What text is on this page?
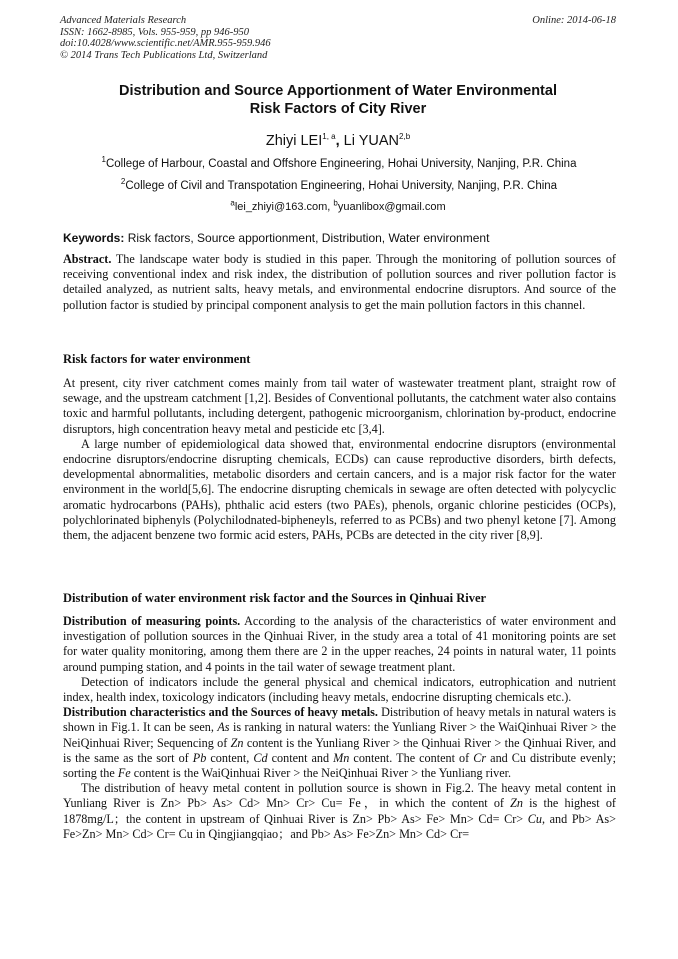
Advanced Materials Research
ISSN: 1662-8985, Vols. 955-959, pp 946-950
doi:10.4028/www.scientific.net/AMR.955-959.946
© 2014 Trans Tech Publications Ltd, Switzerland
Online: 2014-06-18
Distribution and Source Apportionment of Water Environmental
Risk Factors of City River
Zhiyi LEI$^{1, a}$, Li YUAN$^{2,b}$
$^1$College of Harbour, Coastal and Offshore Engineering, Hohai University, Nanjing, P.R. China
$^2$College of Civil and Transpotation Engineering, Hohai University, Nanjing, P.R. China
$^a$lei_zhiyi@163.com, $^b$yuanlibox@gmail.com
Keywords: Risk factors, Source apportionment, Distribution, Water environment

Abstract. The landscape water body is studied in this paper. Through the monitoring of pollution sources of receiving conventional index and risk index, the distribution of pollution sources and river pollution factor is detailed analyzed, as nutrient salts, heavy metals, and environmental endocrine disruptors. And source of the pollution factor is studied by principal component analysis to get the main pollution factors in this channel.

Risk factors for water environment

At present, city river catchment comes mainly from tail water of wastewater treatment plant, straight row of sewage, and the upstream catchment [1,2]. Besides of Conventional pollutants, the catchment water also contains toxic and harmful pollutants, including detergent, pathogenic microorganism, chlorination by-product, endocrine disruptors, high concentration heavy metal and pesticide etc [3,4].

A large number of epidemiological data showed that, environmental endocrine disruptors (environmental endocrine disruptors/endocrine disrupting chemicals, ECDs) can cause reproductive disorders, birth defects, developmental abnormalities, metabolic disorders and certain cancers, and is a major risk factor for the water environment in the world[5,6]. The endocrine disrupting chemicals in sewage are often detected with polycyclic aromatic hydrocarbons (PAHs), phthalic acid esters (two PAEs), phenols, organic chlorine pesticides (OCPs), polychlorinated biphenyls (Polychilodnated-bipheneyls, referred to as PCBs) and two phenyl ketone [7]. Among them, the adjacent benzene two formic acid esters, PAHs, PCBs are detected in the city river [8,9].

Distribution of water environment risk factor and the Sources in Qinhuai River

Distribution of measuring points. According to the analysis of the characteristics of water environment and investigation of pollution sources in the Qinhuai River, in the study area a total of 41 monitoring points are set for water quality monitoring, among them there are 2 in the upper reaches, 24 points in natural water, 11 points around pumping station, and 4 points in the tail water of sewage treatment plant.

Detection of indicators include the general physical and chemical indicators, eutrophication and nutrient index, health index, toxicology indicators (including heavy metals, endocrine disrupting chemicals etc.).

Distribution characteristics and the Sources of heavy metals. Distribution of heavy metals in natural waters is shown in Fig.1. It can be seen, As is ranking in natural waters: the Yunliang River > the WaiQinhuai River > the NeiQinhuai River; Sequencing of Zn content is the Yunliang River > the Qinhuai River > the Qinhuai River, and is the same as the sort of Pb content, Cd content and Mn content. The content of Cr and Cu distribute evenly; sorting the Fe content is the WaiQinhuai River > the NeiQinhuai River > the Yunliang river.

The distribution of heavy metal content in pollution source is shown in Fig.2. The heavy metal content in Yunliang River is Zn> Pb> As> Cd> Mn> Cr> Cu= Fe，in which the content of Zn is the highest of 1878mg/L；the content in upstream of Qinhuai River is Zn> Pb> As> Fe> Mn> Cd= Cr> Cu, and Pb> As> Fe>Zn> Mn> Cd> Cr= Cu in Qingjiangqiao；and Pb> As> Fe>Zn> Mn> Cd> Cr=
